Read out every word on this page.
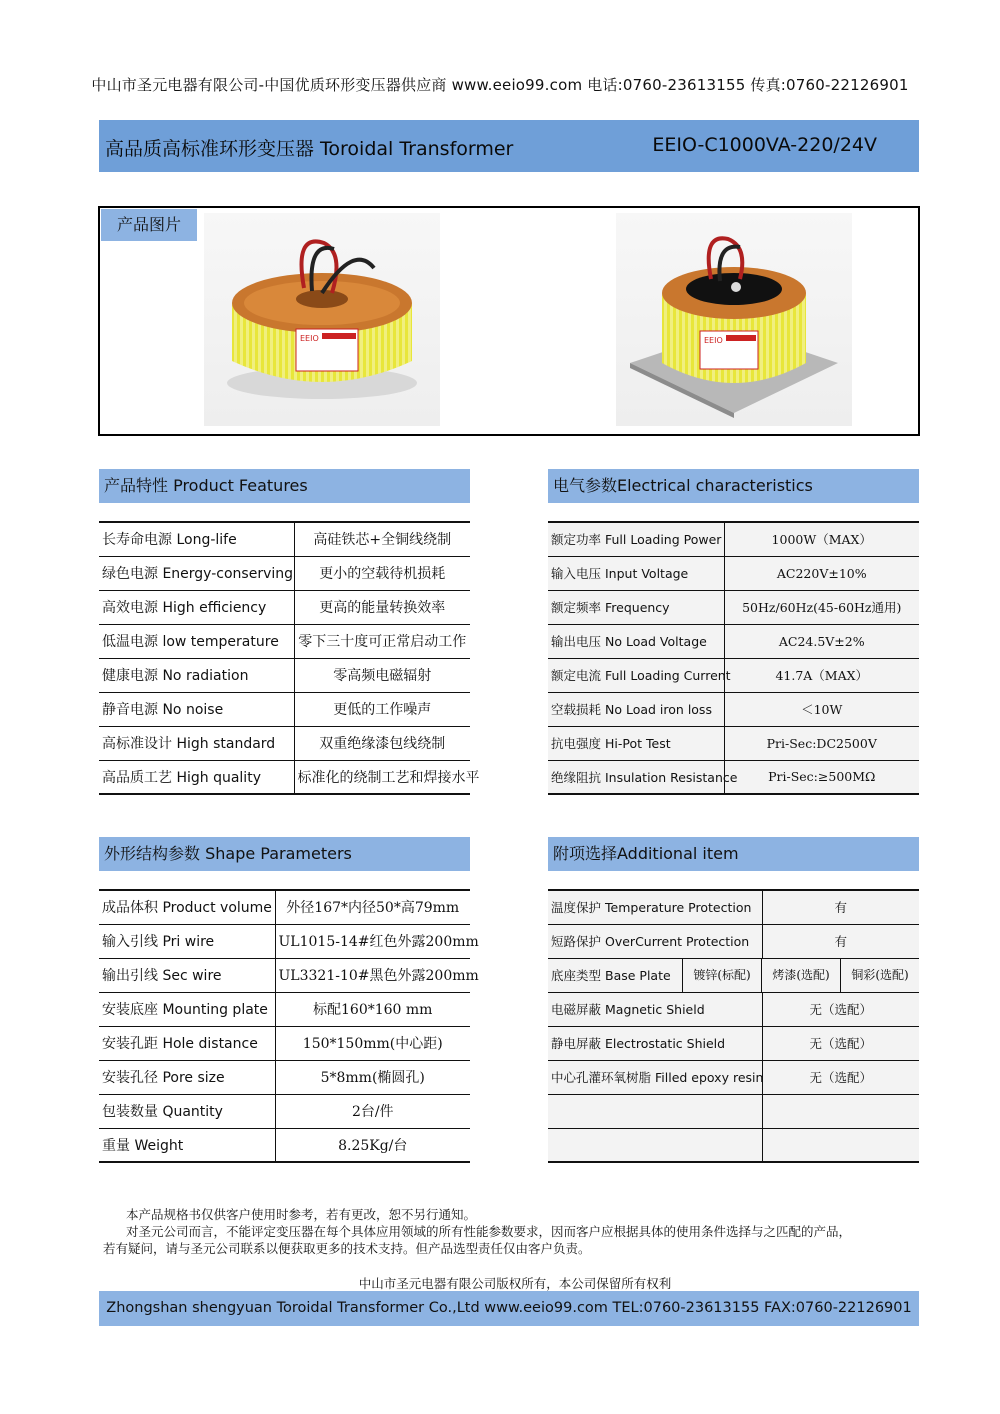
中山市圣元电器有限公司-中国优质环形变压器供应商 www.eeio99.com 电话:0760-23613155 传真:0760-22126901
高品质高标准环形变压器 Toroidal Transformer	EEIO-C1000VA-220/24V
产品图片
EEIO	EEIO
产品特性 Product Features
长寿命电源 Long-life	高硅铁芯+全铜线绕制
绿色电源 Energy-conserving	更小的空载待机损耗
高效电源 High efficiency	更高的能量转换效率
低温电源 low temperature	零下三十度可正常启动工作
健康电源 No radiation	零高频电磁辐射
静音电源 No noise	更低的工作噪声
高标准设计 High standard	双重绝缘漆包线绕制
高品质工艺 High quality	标准化的绕制工艺和焊接水平
电气参数Electrical characteristics
额定功率 Full Loading Power	1000W（MAX）
输入电压 Input Voltage	AC220V±10%
额定频率 Frequency	50Hz/60Hz(45-60Hz通用)
输出电压 No Load Voltage	AC24.5V±2%
额定电流 Full Loading Current	41.7A（MAX）
空载损耗 No Load iron loss	＜10W
抗电强度 Hi-Pot Test	Pri-Sec:DC2500V
绝缘阻抗 Insulation Resistance	Pri-Sec:≥500MΩ
外形结构参数 Shape Parameters
成品体积 Product volume	外径167*内径50*高79mm
输入引线 Pri wire	UL1015-14#红色外露200mm
输出引线 Sec wire	UL3321-10#黑色外露200mm
安装底座 Mounting plate	标配160*160 mm
安装孔距 Hole distance	150*150mm(中心距)
安装孔径 Pore size	5*8mm(椭圆孔)
包装数量 Quantity	2台/件
重量 Weight	8.25Kg/台
附项选择Additional item
温度保护 Temperature Protection	有
短路保护 OverCurrent Protection	有
底座类型 Base Plate	镀锌(标配) 烤漆(选配) 铜彩(选配)

电磁屏蔽 Magnetic Shield	无（选配）
静电屏蔽 Electrostatic Shield	无（选配）
中心孔灌环氧树脂 Filled epoxy resin	无（选配）

本产品规格书仅供客户使用时参考，若有更改，恕不另行通知。
对圣元公司而言，不能评定变压器在每个具体应用领域的所有性能参数要求，因而客户应根据具体的使用条件选择与之匹配的产品，
若有疑问，请与圣元公司联系以便获取更多的技术支持。但产品选型责任仅由客户负责。
中山市圣元电器有限公司版权所有，本公司保留所有权利
Zhongshan shengyuan Toroidal Transformer Co.,Ltd www.eeio99.com TEL:0760-23613155 FAX:0760-22126901
